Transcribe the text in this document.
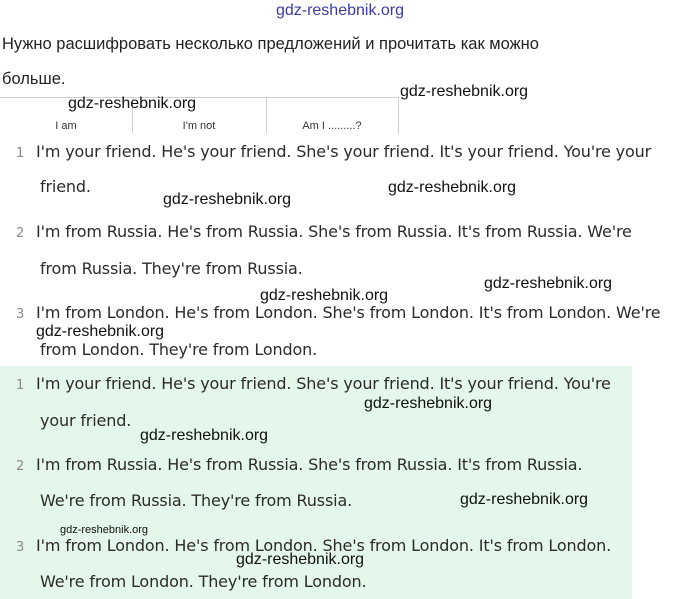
gdz-reshebnik.org
Нужно расшифровать несколько предложений и прочитать как можно
больше.
I am	I'm not	Am I .........?
1 I'm your friend. He's your friend. She's your friend. It's your friend. You're your
friend.
2 I'm from Russia. He's from Russia. She's from Russia. It's from Russia. We're
from Russia. They're from Russia.
3 I'm from London. He's from London. She's from London. It's from London. We're
from London. They're from London.
1 I'm your friend. He's your friend. She's your friend. It's your friend. You're
your friend.
2 I'm from Russia. He's from Russia. She's from Russia. It's from Russia.
We're from Russia. They're from Russia.
3 I'm from London. He's from London. She's from London. It's from London.
We're from London. They're from London.
gdz-reshebnik.org
gdz-reshebnik.org
gdz-reshebnik.org
gdz-reshebnik.org
gdz-reshebnik.org
gdz-reshebnik.org
gdz-reshebnik.org
gdz-reshebnik.org
gdz-reshebnik.org
gdz-reshebnik.org
gdz-reshebnik.org
gdz-reshebnik.org
